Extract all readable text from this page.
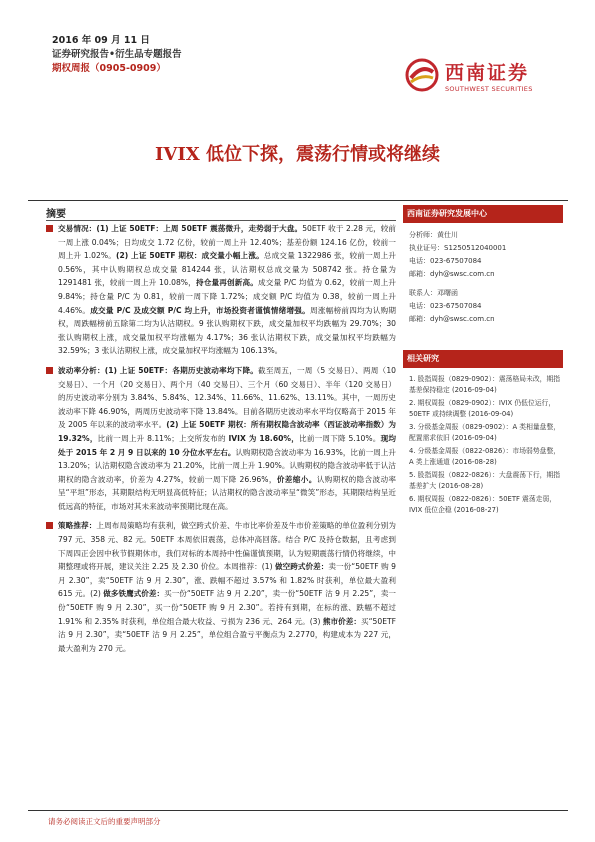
2016 年 09 月 11 日
证券研究报告•衍生品专题报告
期权周报（0905-0909）	西南证券
SOUTHWEST SECURITIES
IVIX 低位下探，震荡行情或将继续
摘要

交易情况：(1) 上证 50ETF：上周 50ETF 震荡微升，走势弱于大盘。50ETF 收于 2.28 元，较前一周上涨 0.04%；日均成交 1.72 亿份，较前一周上升 12.40%；基差份额 124.16 亿份，较前一周上升 1.02%。(2) 上证 50ETF 期权：成交量小幅上涨。总成交量 1322986 张，较前一周上升 0.56%，其中认购期权总成交量 814244 张，认沽期权总成交量为 508742 张。持仓量为 1291481 张，较前一周上升 10.08%，持仓量再创新高。成交量 P/C 均值为 0.62，较前一周上升 9.84%；持仓量 P/C 为 0.81，较前一周下降 1.72%；成交额 P/C 均值为 0.38，较前一周上升 4.46%。成交量 P/C 及成交额 P/C 均上升，市场投资者谨慎情绪增强。周涨幅榜前四均为认购期权，周跌幅榜前五除第二均为认沽期权。9 张认购期权下跌，成交量加权平均跌幅为 29.70%；30 张认购期权上涨，成交量加权平均涨幅为 4.17%；36 张认沽期权下跌，成交量加权平均跌幅为 32.59%；3 张认沽期权上涨，成交量加权平均涨幅为 106.13%。

波动率分析：(1) 上证 50ETF：各期历史波动率均下降。截至周五，一周（5 交易日）、两周（10 交易日）、一个月（20 交易日）、两个月（40 交易日）、三个月（60 交易日）、半年（120 交易日）的历史波动率分别为 3.84%、5.84%、12.34%、11.66%、11.62%、13.11%。其中，一周历史波动率下降 46.90%，两周历史波动率下降 13.84%。目前各期历史波动率水平均仅略高于 2015 年及 2005 年以来的波动率水平。(2) 上证 50ETF 期权：所有期权隐含波动率（西证波动率指数）为 19.32%，比前一周上升 8.11%；上交所发布的 IVIX 为 18.60%，比前一周下降 5.10%。现均处于 2015 年 2 月 9 日以来的 10 分位水平左右。认购期权隐含波动率为 16.93%，比前一周上升 13.20%；认沽期权隐含波动率为 21.20%，比前一周上升 1.90%。认购期权的隐含波动率低于认沽期权的隐含波动率，价差为 4.27%，较前一周下降 26.96%，价差缩小。认购期权的隐含波动率呈“平坦”形态，其期限结构无明显高低特征；认沽期权的隐含波动率呈“微笑”形态，其期限结构呈近低远高的特征，市场对其未来波动率预期比现在高。

策略推荐：上周布局策略均有获利，做空跨式价差、牛市比率价差及牛市价差策略的单位盈利分别为 797 元、358 元、82 元。50ETF 本周依旧震荡，总体冲高回落。结合 P/C 及持仓数据，且考虑到下周四正会因中秋节假期休市，我们对标的本周持中性偏谨慎预期，认为短期震荡行情仍将继续，中期整理或将开展，建议关注 2.25 及 2.30 价位。本周推荐：(1) 做空跨式价差：卖一份“50ETF 购 9 月 2.30”，卖“50ETF 沽 9 月 2.30”，涨、跌幅不超过 3.57% 和 1.82% 时获利，单位最大盈利 615 元。(2) 做多铁鹰式价差：买一份“50ETF 沽 9 月 2.20”，卖一份“50ETF 沽 9 月 2.25”，卖一份“50ETF 购 9 月 2.30”，买一份“50ETF 购 9 月 2.30”。若持有到期，在标的涨、跌幅不超过 1.91% 和 2.35% 时获利，单位组合最大收益、亏损为 236 元、264 元。(3) 熊市价差：买“50ETF 沽 9 月 2.30”，卖“50ETF 沽 9 月 2.25”，单位组合盈亏平衡点为 2.2770，构建成本为 227 元，最大盈利为 270 元。

西南证券研究发展中心
分析师：黄仕川
执业证号：S1250512040001
电话：023-67507084
邮箱：dyh@swsc.com.cn
联系人：邓曙函
电话：023-67507084
邮箱：dyh@swsc.com.cn
相关研究
1. 股指周报（0829-0902）：震荡格局未改，期指基差保持稳定 (2016-09-04)
2. 期权周报（0829-0902）：IVIX 仍低位运行，50ETF 或持续调整 (2016-09-04)
3. 分级基金周报（0829-0902）：A 类相量盘整，配置需求依旧 (2016-09-04)
4. 分级基金周报（0822-0826）：市场弱势盘整，A 类上涨通道 (2016-08-28)
5. 股指周报（0822-0826）：大盘震荡下行，期指基差扩大 (2016-08-28)
6. 期权周报（0822-0826）：50ETF 震荡走弱，IVIX 低位企稳 (2016-08-27)
请务必阅读正文后的重要声明部分
